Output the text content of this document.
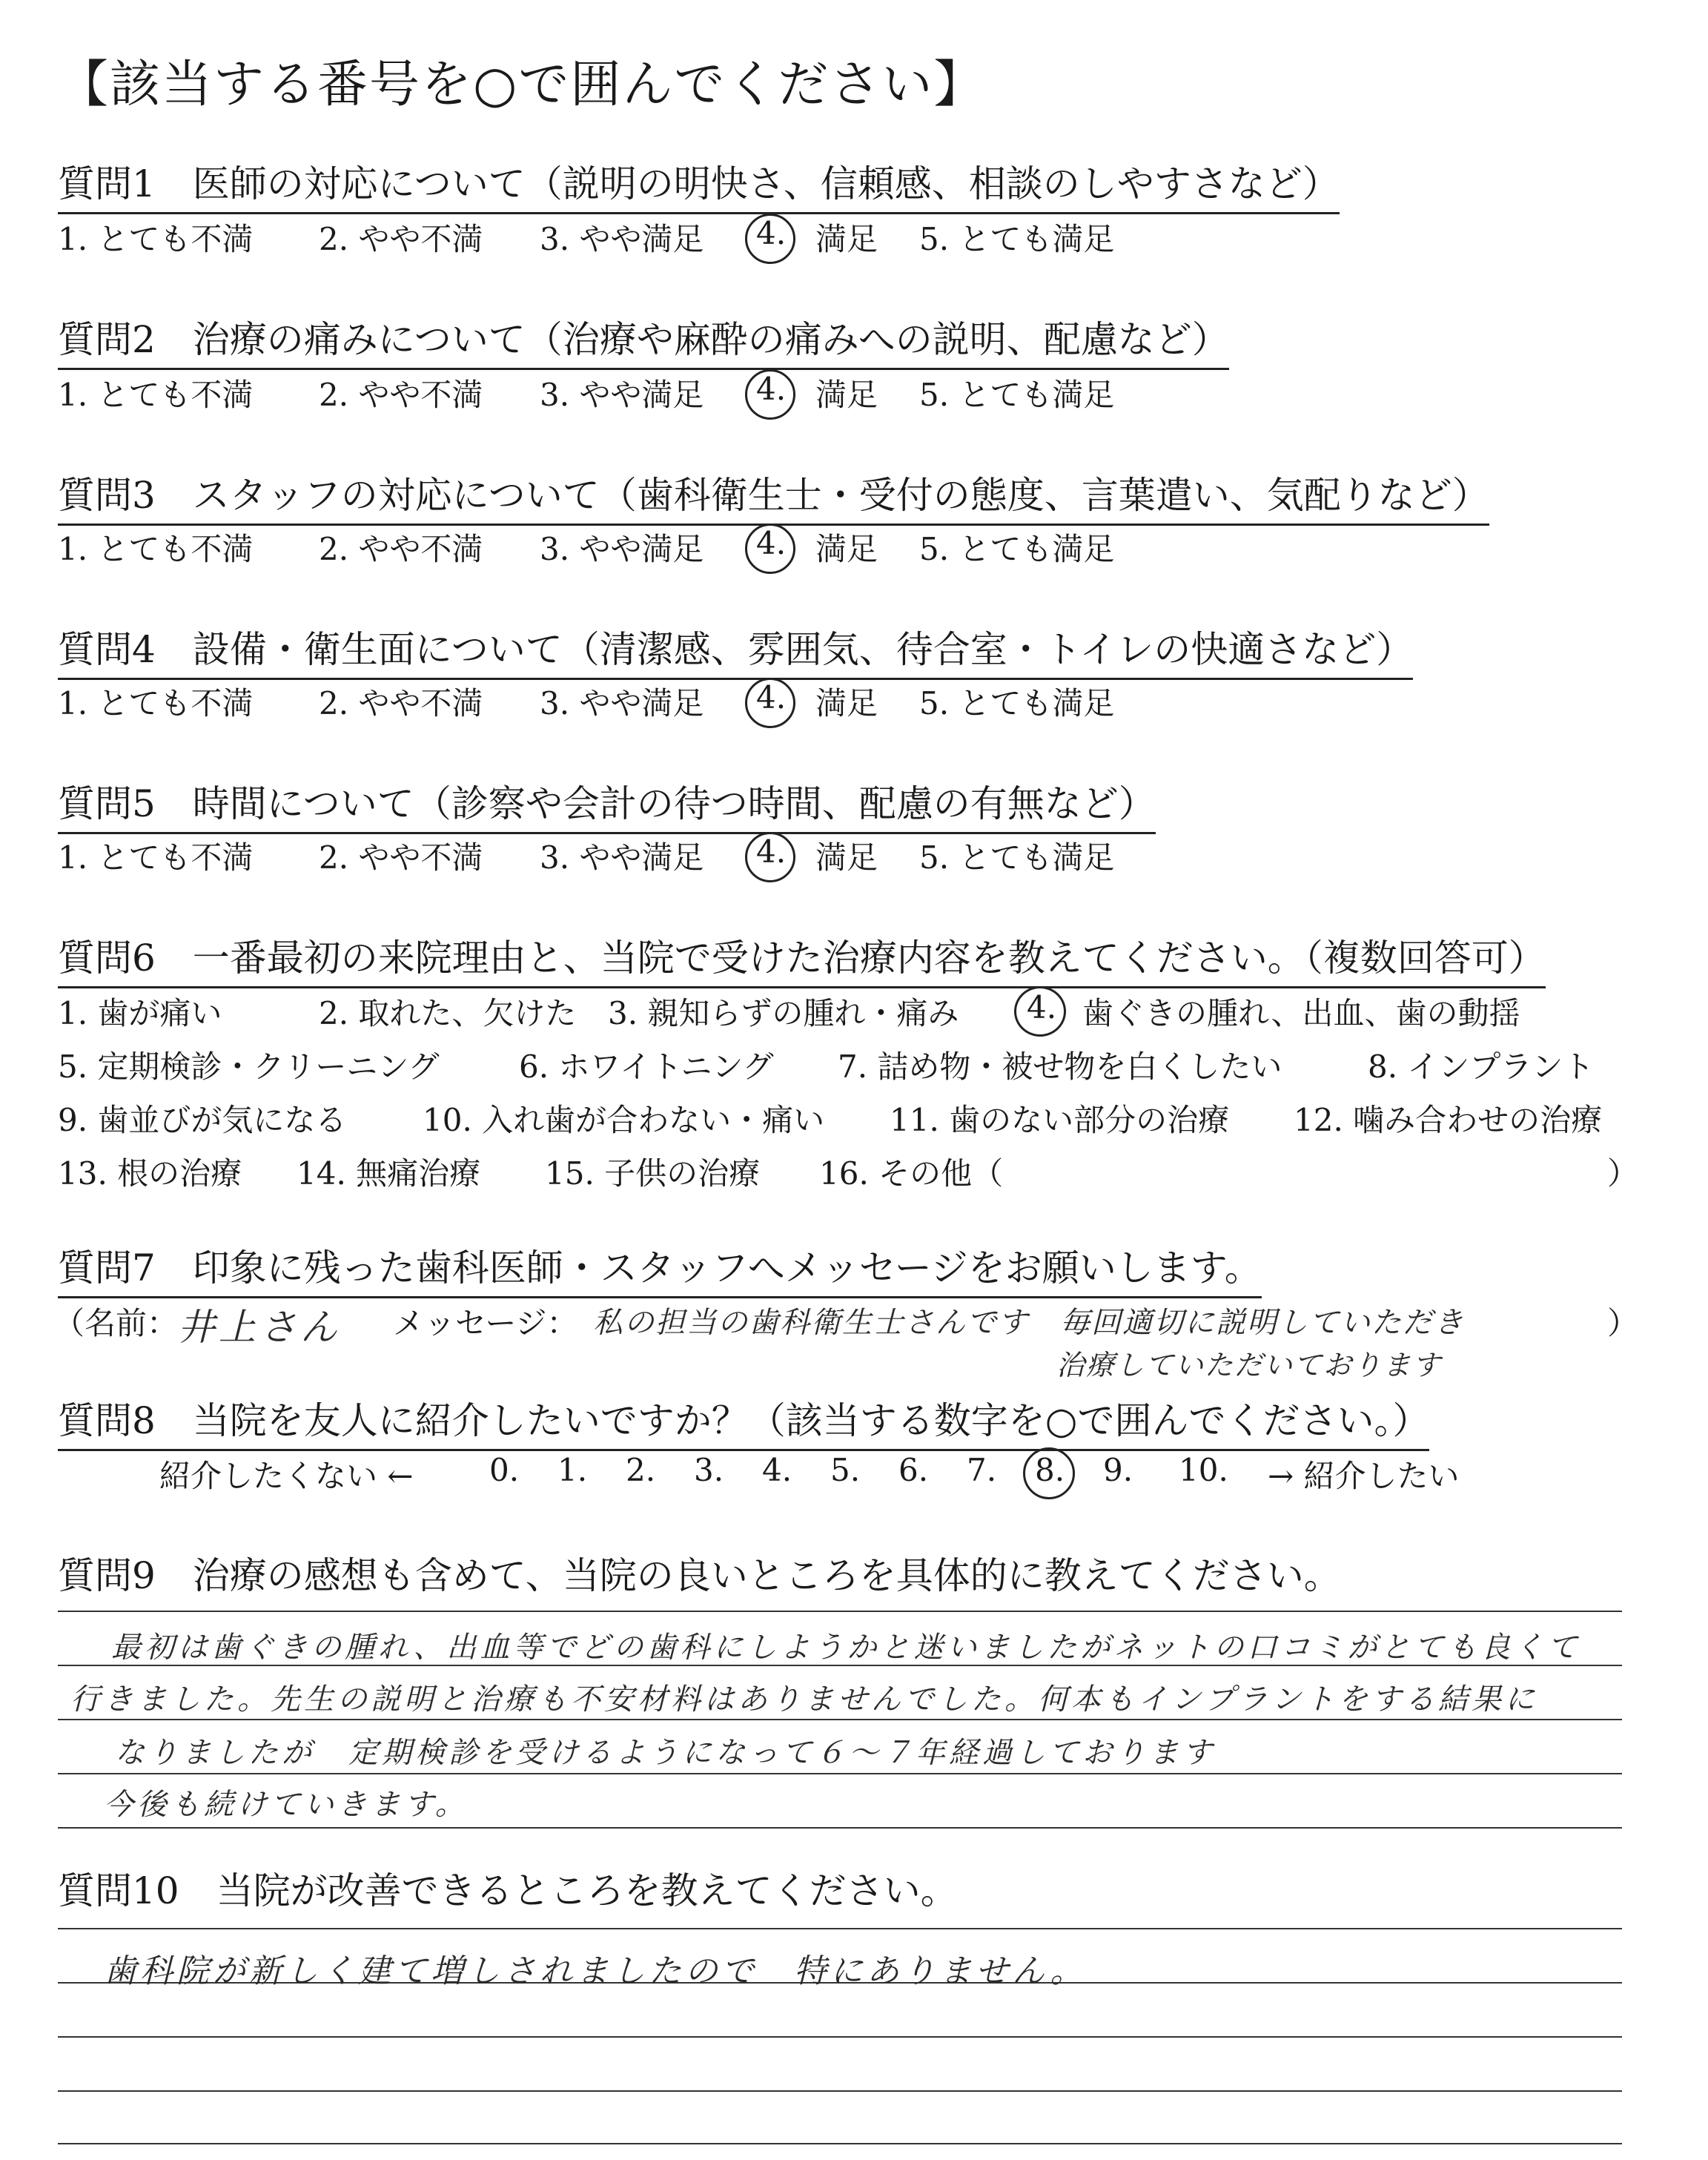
【該当する番号を○で囲んでください】
質問1　医師の対応について（説明の明快さ、信頼感、相談のしやすさなど）
1. とても不満 2. やや不満 3. やや満足 4. 満足 5. とても満足
質問2　治療の痛みについて（治療や麻酔の痛みへの説明、配慮など）
1. とても不満 2. やや不満 3. やや満足 4. 満足 5. とても満足
質問3　スタッフの対応について（歯科衛生士・受付の態度、言葉遣い、気配りなど）
1. とても不満 2. やや不満 3. やや満足 4. 満足 5. とても満足
質問4　設備・衛生面について（清潔感、雰囲気、待合室・トイレの快適さなど）
1. とても不満 2. やや不満 3. やや満足 4. 満足 5. とても満足
質問5　時間について（診察や会計の待つ時間、配慮の有無など）
1. とても不満 2. やや不満 3. やや満足 4. 満足 5. とても満足
質問6　一番最初の来院理由と、当院で受けた治療内容を教えてください。（複数回答可）
1. 歯が痛い	2. 取れた、欠けた 3. 親知らずの腫れ・痛み 4. 歯ぐきの腫れ、出血、歯の動揺
5. 定期検診・クリーニング	6. ホワイトニング 7. 詰め物・被せ物を白くしたい	8. インプラント
9. 歯並びが気になる 10. 入れ歯が合わない・痛い 11. 歯のない部分の治療 12. 噛み合わせの治療
13. 根の治療 14. 無痛治療 15. 子供の治療 16. その他（	）
質問7　印象に残った歯科医師・スタッフへメッセージをお願いします。
（名前： 井上さん メッセージ： 私の担当の歯科衛生士さんです　毎回適切に説明していただき
治療していただいております
）
質問8　当院を友人に紹介したいですか？（該当する数字を○で囲んでください。）
紹介したくない ← 0. 1. 2. 3. 4. 5. 6. 7. 8. 9. 10. → 紹介したい
質問9　治療の感想も含めて、当院の良いところを具体的に教えてください。
最初は歯ぐきの腫れ、出血等でどの歯科にしようかと迷いましたがネットの口コミがとても良くて
行きました。先生の説明と治療も不安材料はありませんでした。何本もインプラントをする結果に
なりましたが　定期検診を受けるようになって６〜７年経過しております
今後も続けていきます。
質問10　当院が改善できるところを教えてください。
歯科院が新しく建て増しされましたので　特にありません。
